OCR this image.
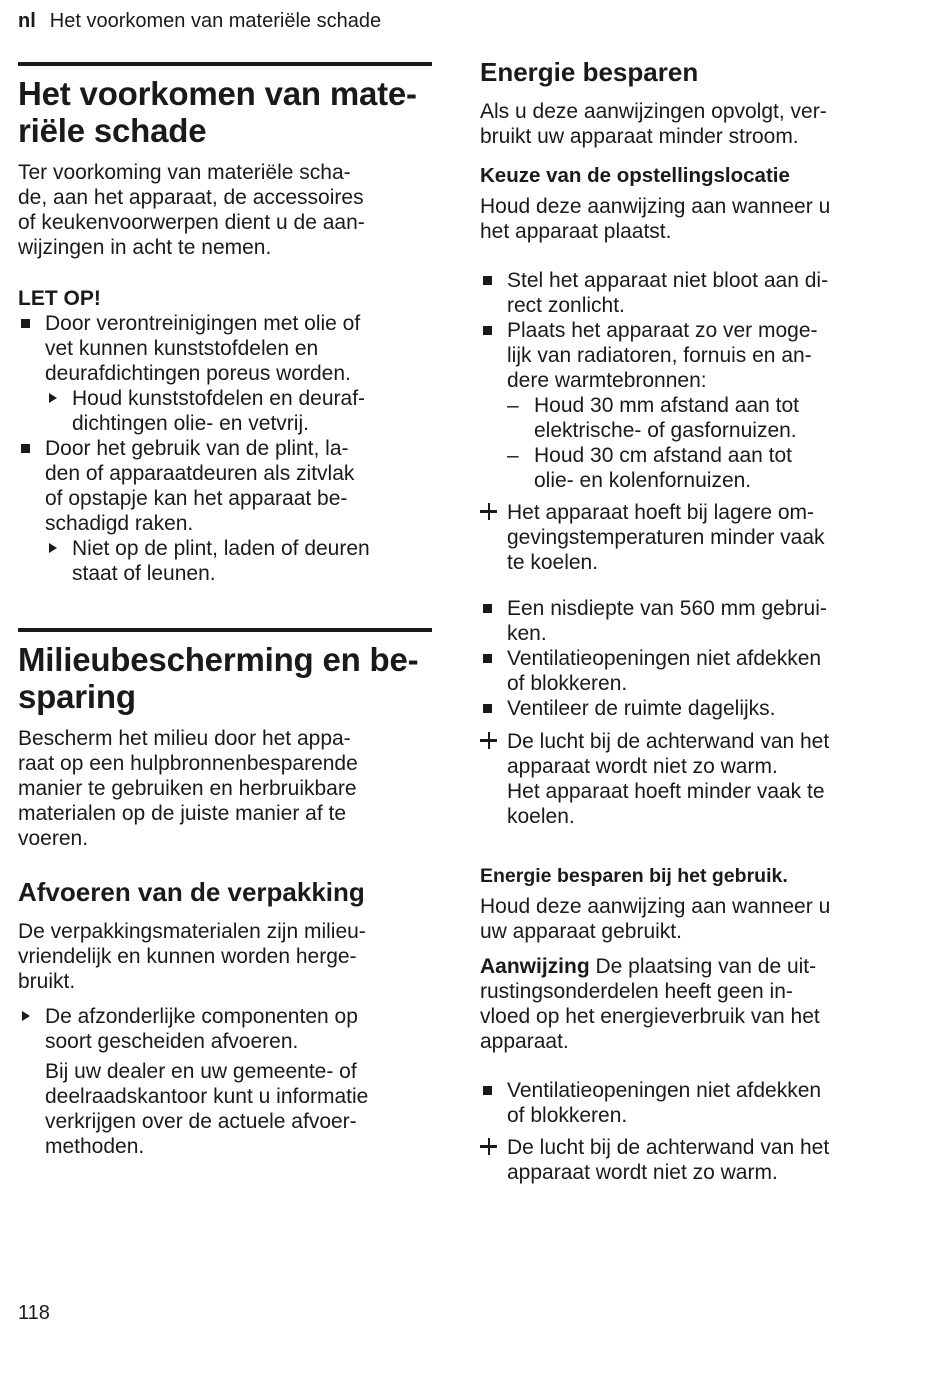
nl Het voorkomen van materiële schade
Het voorkomen van mate-
riële schade

Ter voorkoming van materiële scha-
de, aan het apparaat, de accessoires
of keukenvoorwerpen dient u de aan-
wijzingen in acht te nemen.

LET OP!
Door verontreinigingen met olie of
vet kunnen kunststofdelen en
deurafdichtingen poreus worden.
Houd kunststofdelen en deuraf-
dichtingen olie- en vetvrij.
Door het gebruik van de plint, la-
den of apparaatdeuren als zitvlak
of opstapje kan het apparaat be-
schadigd raken.
Niet op de plint, laden of deuren
staat of leunen.
Milieubescherming en be-
sparing

Bescherm het milieu door het appa-
raat op een hulpbronnenbesparende
manier te gebruiken en herbruikbare
materialen op de juiste manier af te
voeren.

Afvoeren van de verpakking

De verpakkingsmaterialen zijn milieu-
vriendelijk en kunnen worden herge-
bruikt.

De afzonderlijke componenten op
soort gescheiden afvoeren.

Bij uw dealer en uw gemeente- of
deelraadskantoor kunt u informatie
verkrijgen over de actuele afvoer-
methoden.

Energie besparen

Als u deze aanwijzingen opvolgt, ver-
bruikt uw apparaat minder stroom.

Keuze van de opstellingslocatie

Houd deze aanwijzing aan wanneer u
het apparaat plaatst.

Stel het apparaat niet bloot aan di-
rect zonlicht.
Plaats het apparaat zo ver moge-
lijk van radiatoren, fornuis en an-
dere warmtebronnen:
– Houd 30 mm afstand aan tot
elektrische- of gasfornuizen.
– Houd 30 cm afstand aan tot
olie- en kolenfornuizen.
Het apparaat hoeft bij lagere om-
gevingstemperaturen minder vaak
te koelen.
Een nisdiepte van 560 mm gebrui-
ken.
Ventilatieopeningen niet afdekken
of blokkeren.
Ventileer de ruimte dagelijks.
De lucht bij de achterwand van het
apparaat wordt niet zo warm.
Het apparaat hoeft minder vaak te
koelen.
Energie besparen bij het gebruik.

Houd deze aanwijzing aan wanneer u
uw apparaat gebruikt.

Aanwijzing De plaatsing van de uit-
rustingsonderdelen heeft geen in-
vloed op het energieverbruik van het
apparaat.

Ventilatieopeningen niet afdekken
of blokkeren.
De lucht bij de achterwand van het
apparaat wordt niet zo warm.
118
